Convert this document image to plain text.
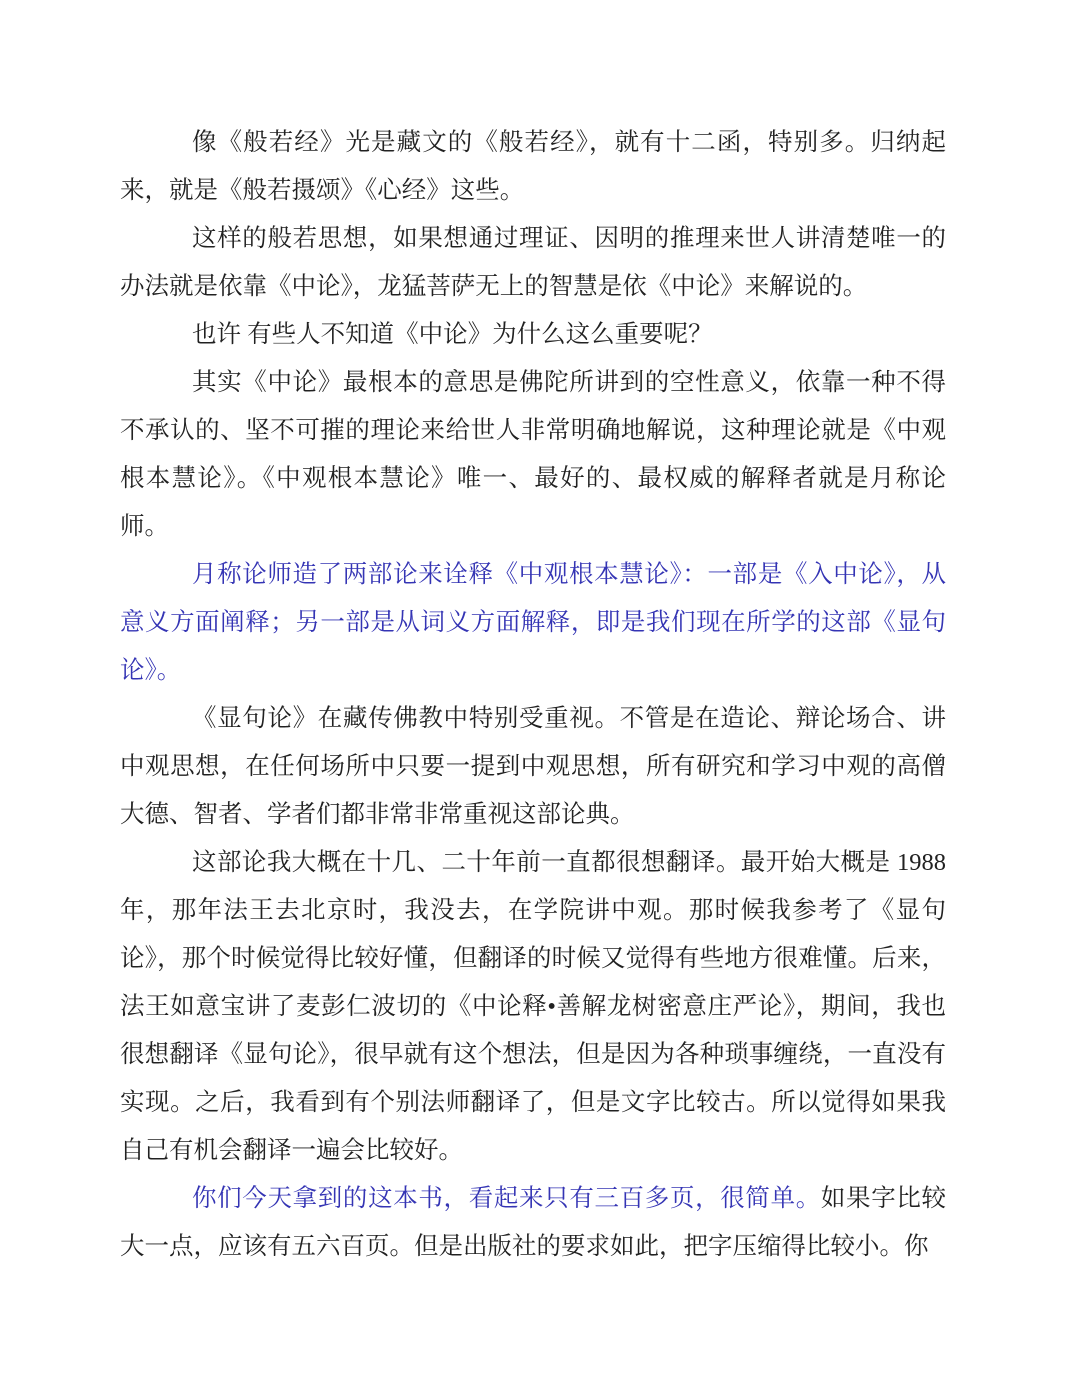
像《般若经》光是藏文的《般若经》，就有十二函，特别多。归纳起来，就是《般若摄颂》《心经》这些。

这样的般若思想，如果想通过理证、因明的推理来世人讲清楚唯一的办法就是依靠《中论》，龙猛菩萨无上的智慧是依《中论》来解说的。

也许 有些人不知道《中论》为什么这么重要呢？

其实《中论》最根本的意思是佛陀所讲到的空性意义，依靠一种不得不承认的、坚不可摧的理论来给世人非常明确地解说，这种理论就是《中观根本慧论》。《中观根本慧论》唯一、最好的、最权威的解释者就是月称论师。

月称论师造了两部论来诠释《中观根本慧论》：一部是《入中论》，从意义方面阐释；另一部是从词义方面解释，即是我们现在所学的这部《显句论》。

《显句论》在藏传佛教中特别受重视。不管是在造论、辩论场合、讲中观思想，在任何场所中只要一提到中观思想，所有研究和学习中观的高僧大德、智者、学者们都非常非常重视这部论典。

这部论我大概在十几、二十年前一直都很想翻译。最开始大概是 1988 年，那年法王去北京时，我没去，在学院讲中观。那时候我参考了《显句论》，那个时候觉得比较好懂，但翻译的时候又觉得有些地方很难懂。后来，法王如意宝讲了麦彭仁波切的《中论释•善解龙树密意庄严论》，期间，我也很想翻译《显句论》，很早就有这个想法，但是因为各种琐事缠绕，一直没有实现。之后，我看到有个别法师翻译了，但是文字比较古。所以觉得如果我自己有机会翻译一遍会比较好。

你们今天拿到的这本书，看起来只有三百多页，很简单。如果字比较大一点，应该有五六百页。但是出版社的要求如此，把字压缩得比较小。你
